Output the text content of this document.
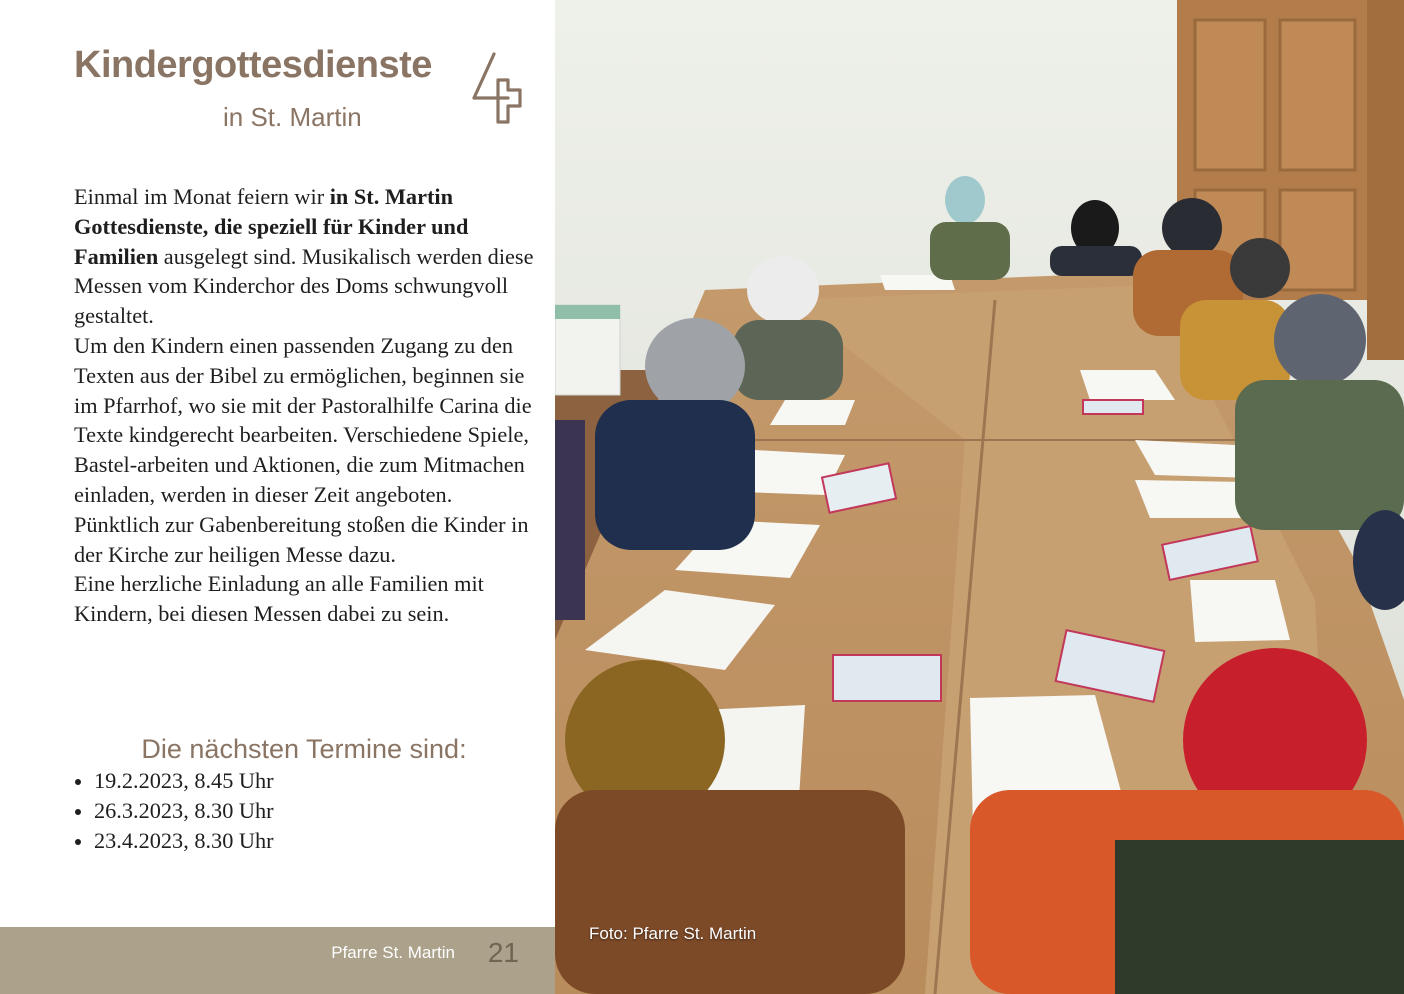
Kindergottesdienste
in St. Martin
Einmal im Monat feiern wir in St. Martin Gottesdienste, die speziell für Kinder und Familien ausgelegt sind. Musikalisch werden diese Messen vom Kinderchor des Doms schwungvoll gestaltet.
Um den Kindern einen passenden Zugang zu den Texten aus der Bibel zu ermöglichen, beginnen sie im Pfarrhof, wo sie mit der Pastoralhilfe Carina die Texte kindgerecht bearbeiten. Verschiedene Spiele, Bastel-arbeiten und Aktionen, die zum Mitmachen einladen, werden in dieser Zeit angeboten. Pünktlich zur Gabenbereitung stoßen die Kinder in der Kirche zur heiligen Messe dazu.
Eine herzliche Einladung an alle Familien mit Kindern, bei diesen Messen dabei zu sein.
Die nächsten Termine sind:
19.2.2023, 8.45 Uhr
26.3.2023, 8.30 Uhr
23.4.2023, 8.30 Uhr
Pfarre St. Martin 21
Foto: Pfarre St. Martin
